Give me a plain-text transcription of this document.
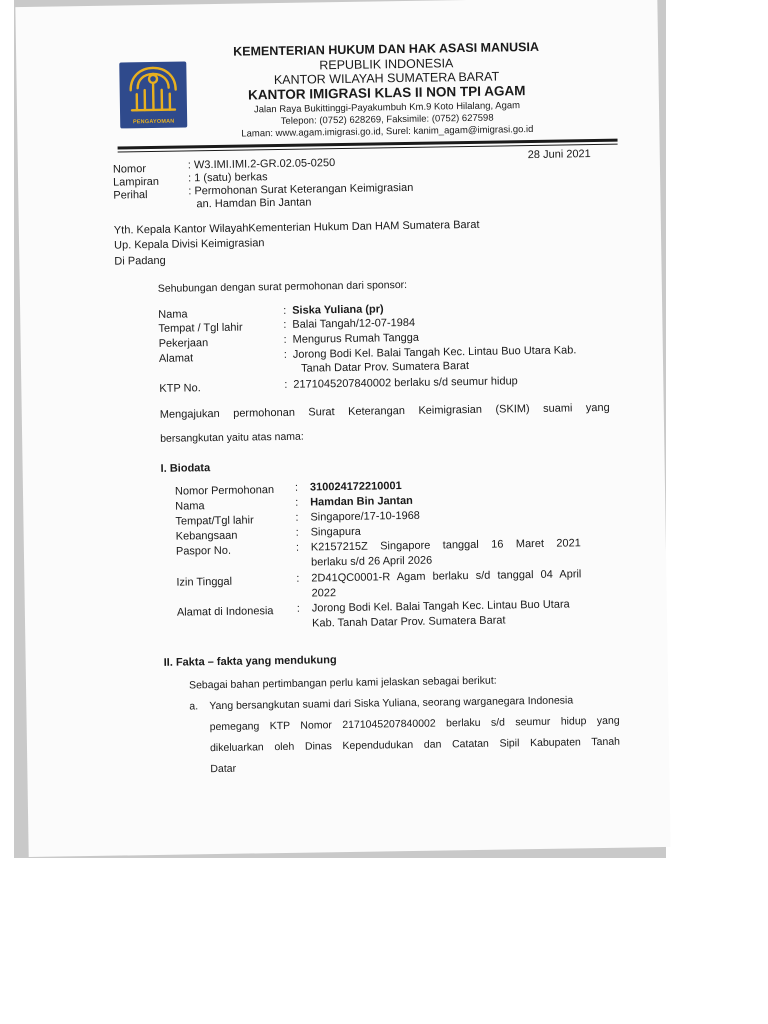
PENGAYOMAN
KEMENTERIAN HUKUM DAN HAK ASASI MANUSIA
REPUBLIK INDONESIA
KANTOR WILAYAH SUMATERA BARAT
KANTOR IMIGRASI KLAS II NON TPI AGAM
Jalan Raya Bukittinggi-Payakumbuh Km.9 Koto Hilalang, Agam
Telepon: (0752) 628269, Faksimile: (0752) 627598
Laman: www.agam.imigrasi.go.id, Surel: kanim_agam@imigrasi.go.id
28 Juni 2021
Nomor	: W3.IMI.IMI.2-GR.02.05-0250
Lampiran	: 1 (satu) berkas
Perihal	: Permohonan Surat Keterangan Keimigrasian
an. Hamdan Bin Jantan
Yth. Kepala Kantor WilayahKementerian Hukum Dan HAM Sumatera Barat
Up. Kepala Divisi Keimigrasian
Di Padang
Sehubungan dengan surat permohonan dari sponsor:
Nama	: Siska Yuliana (pr)
Tempat / Tgl lahir	: Balai Tangah/12-07-1984
Pekerjaan	: Mengurus Rumah Tangga
Alamat	: Jorong Bodi Kel. Balai Tangah Kec. Lintau Buo Utara Kab.
Tanah Datar Prov. Sumatera Barat
KTP No.	: 2171045207840002 berlaku s/d seumur hidup
Mengajukan permohonan Surat Keterangan Keimigrasian (SKIM) suami yang
bersangkutan yaitu atas nama:
I. Biodata
Nomor Permohonan : 310024172210001
Nama	: Hamdan Bin Jantan
Tempat/Tgl lahir	: Singapore/17-10-1968
Kebangsaan	: Singapura
Paspor No.	: K2157215Z Singapore tanggal 16 Maret 2021
berlaku s/d 26 April 2026
Izin Tinggal	: 2D41QC0001-R Agam berlaku s/d tanggal 04 April
2022
Alamat di Indonesia : Jorong Bodi Kel. Balai Tangah Kec. Lintau Buo Utara
Kab. Tanah Datar Prov. Sumatera Barat
II. Fakta – fakta yang mendukung
Sebagai bahan pertimbangan perlu kami jelaskan sebagai berikut:
a. Yang bersangkutan suami dari Siska Yuliana, seorang warganegara Indonesia
pemegang KTP Nomor 2171045207840002 berlaku s/d seumur hidup yang
dikeluarkan oleh Dinas Kependudukan dan Catatan Sipil Kabupaten Tanah
Datar
